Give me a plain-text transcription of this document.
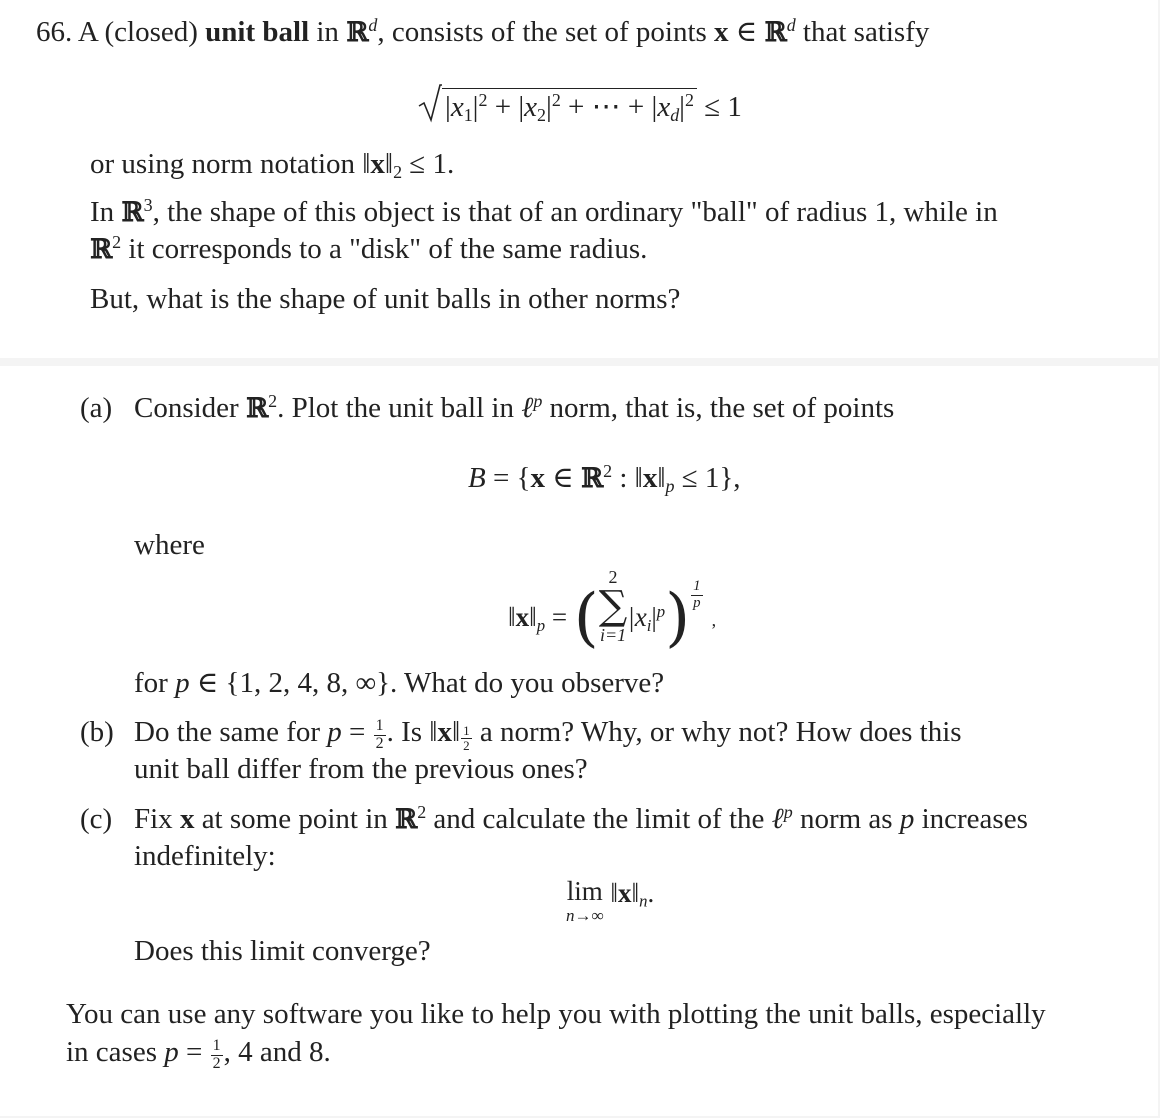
66. A (closed) unit ball in ℝ$^d$, consists of the set of points x ∈ ℝ$^d$ that satisfy
$|x_1|^2 + |x_2|^2$ + ⋯ + $|x_d|^2 \le 1$
or using norm notation $‖x‖_2 \le 1$.
In ℝ$^3$, the shape of this object is that of an ordinary "ball" of radius 1, while in
ℝ$^2$ it corresponds to a "disk" of the same radius.
But, what is the shape of unit balls in other norms?
(a) Consider ℝ$^2$. Plot the unit ball in ℓ$^p$ norm, that is, the set of points
B = {x ∈ ℝ$^2$ : $‖x‖_p \le 1$},
where
$‖x‖_p$ = (
2
∑
i=1
$|x_i|^p) \frac{1}{p}$
,
for p ∈ {1, 2, 4, 8, ∞}. What do you observe?
(b) Do the same for $p = \frac{1}{2}$ . Is ‖x‖ $\frac{1}{2}$ a norm? Why, or why not? How does this
unit ball differ from the previous ones?
(c) Fix x at some point in ℝ$^2$ and calculate the limit of the ℓ$^p$ norm as p increases
indefinitely:
lim
n→∞
$‖x‖_n$.
Does this limit converge?
You can use any software you like to help you with plotting the unit balls, especially
in cases $p = \frac{1}{2}$ , 4 and 8.
